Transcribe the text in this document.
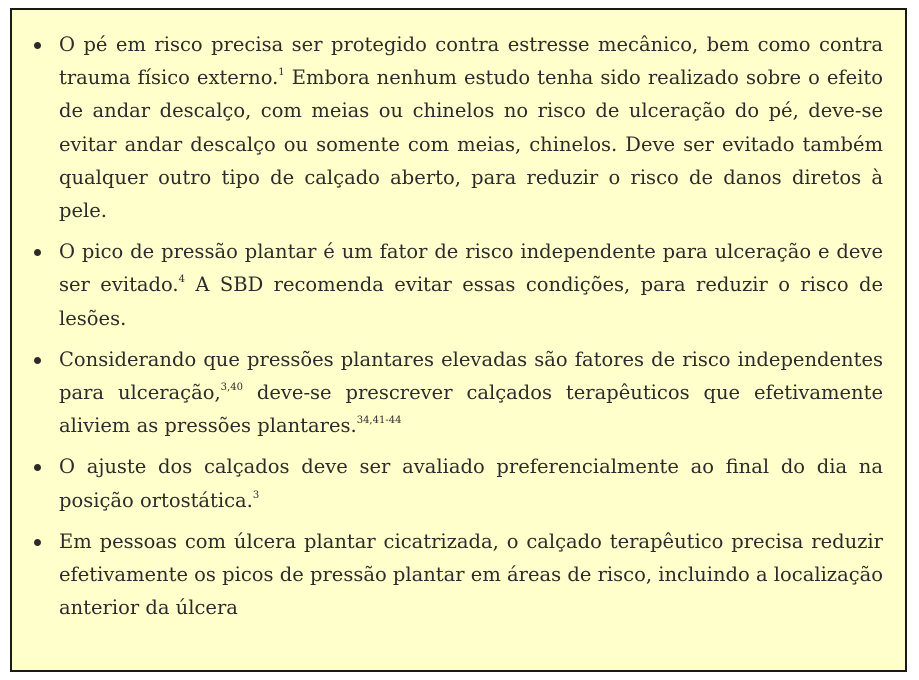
O pé em risco precisa ser protegido contra estresse mecânico, bem como contra trauma físico externo.$^1$ Embora nenhum estudo tenha sido realizado sobre o efeito de andar descalço, com meias ou chinelos no risco de ulceração do pé, deve-se evitar andar descalço ou somente com meias, chinelos. Deve ser evitado também qualquer outro tipo de calçado aberto, para reduzir o risco de danos diretos à pele.
O pico de pressão plantar é um fator de risco independente para ulceração e deve ser evitado.$^4$ A SBD recomenda evitar essas condições, para reduzir o risco de lesões.
Considerando que pressões plantares elevadas são fatores de risco independentes para ulceração,$^{3,40}$ deve-se prescrever calçados terapêuticos que efetivamente aliviem as pressões plantares.$^{34,41-44}$
O ajuste dos calçados deve ser avaliado preferencialmente ao final do dia na posição ortostática.$^3$
Em pessoas com úlcera plantar cicatrizada, o calçado terapêutico precisa reduzir efetivamente os picos de pressão plantar em áreas de risco, incluindo a localização anterior da úlcera
